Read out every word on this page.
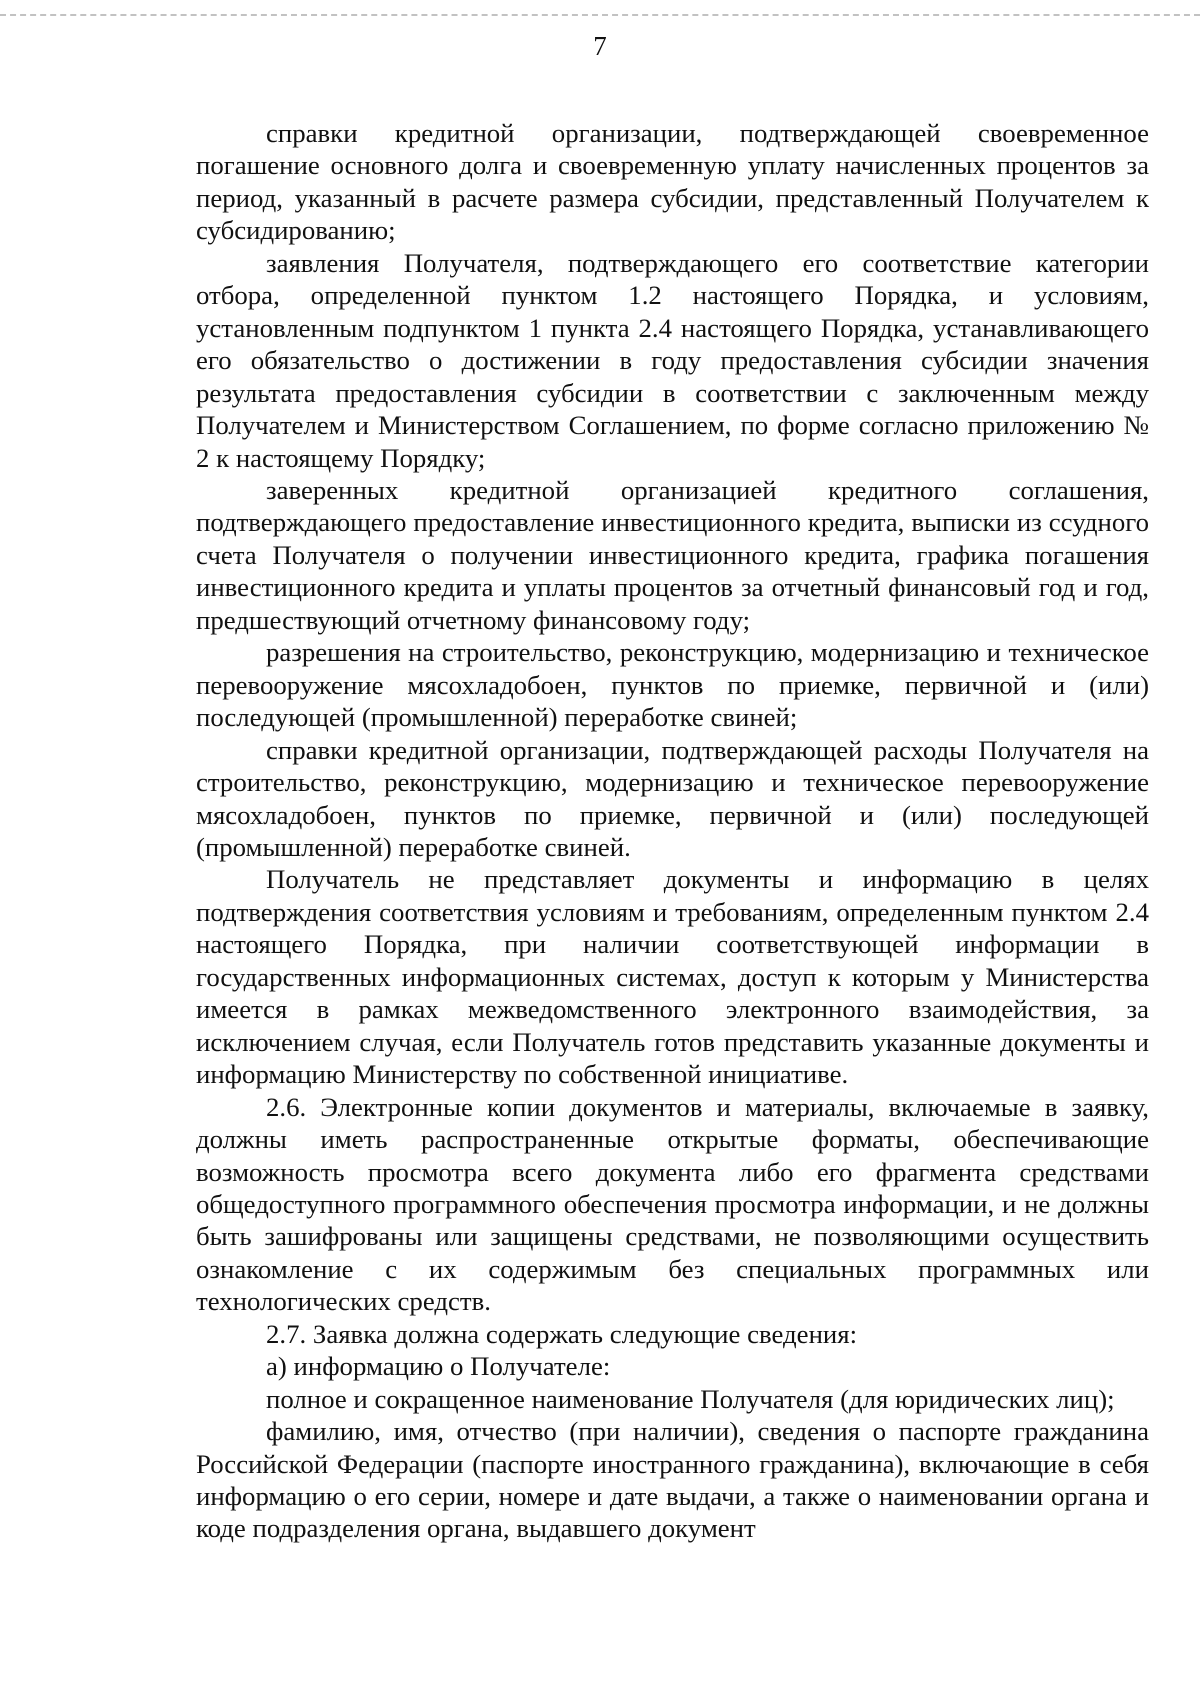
7

справки кредитной организации, подтверждающей своевременное погашение основного долга и своевременную уплату начисленных процентов за период, указанный в расчете размера субсидии, представленный Получателем к субсидированию;

заявления Получателя, подтверждающего его соответствие категории отбора, определенной пунктом 1.2 настоящего Порядка, и условиям, установленным подпунктом 1 пункта 2.4 настоящего Порядка, устанавливающего его обязательство о достижении в году предоставления субсидии значения результата предоставления субсидии в соответствии с заключенным между Получателем и Министерством Соглашением, по форме согласно приложению № 2 к настоящему Порядку;

заверенных кредитной организацией кредитного соглашения, подтверждающего предоставление инвестиционного кредита, выписки из ссудного счета Получателя о получении инвестиционного кредита, графика погашения инвестиционного кредита и уплаты процентов за отчетный финансовый год и год, предшествующий отчетному финансовому году;

разрешения на строительство, реконструкцию, модернизацию и техническое перевооружение мясохладобоен, пунктов по приемке, первичной и (или) последующей (промышленной) переработке свиней;

справки кредитной организации, подтверждающей расходы Получателя на строительство, реконструкцию, модернизацию и техническое перевооружение мясохладобоен, пунктов по приемке, первичной и (или) последующей (промышленной) переработке свиней.

Получатель не представляет документы и информацию в целях подтверждения соответствия условиям и требованиям, определенным пунктом 2.4 настоящего Порядка, при наличии соответствующей информации в государственных информационных системах, доступ к которым у Министерства имеется в рамках межведомственного электронного взаимодействия, за исключением случая, если Получатель готов представить указанные документы и информацию Министерству по собственной инициативе.

2.6. Электронные копии документов и материалы, включаемые в заявку, должны иметь распространенные открытые форматы, обеспечивающие возможность просмотра всего документа либо его фрагмента средствами общедоступного программного обеспечения просмотра информации, и не должны быть зашифрованы или защищены средствами, не позволяющими осуществить ознакомление с их содержимым без специальных программных или технологических средств.

2.7. Заявка должна содержать следующие сведения:

а) информацию о Получателе:

полное и сокращенное наименование Получателя (для юридических лиц);

фамилию, имя, отчество (при наличии), сведения о паспорте гражданина Российской Федерации (паспорте иностранного гражданина), включающие в себя информацию о его серии, номере и дате выдачи, а также о наименовании органа и коде подразделения органа, выдавшего документ
